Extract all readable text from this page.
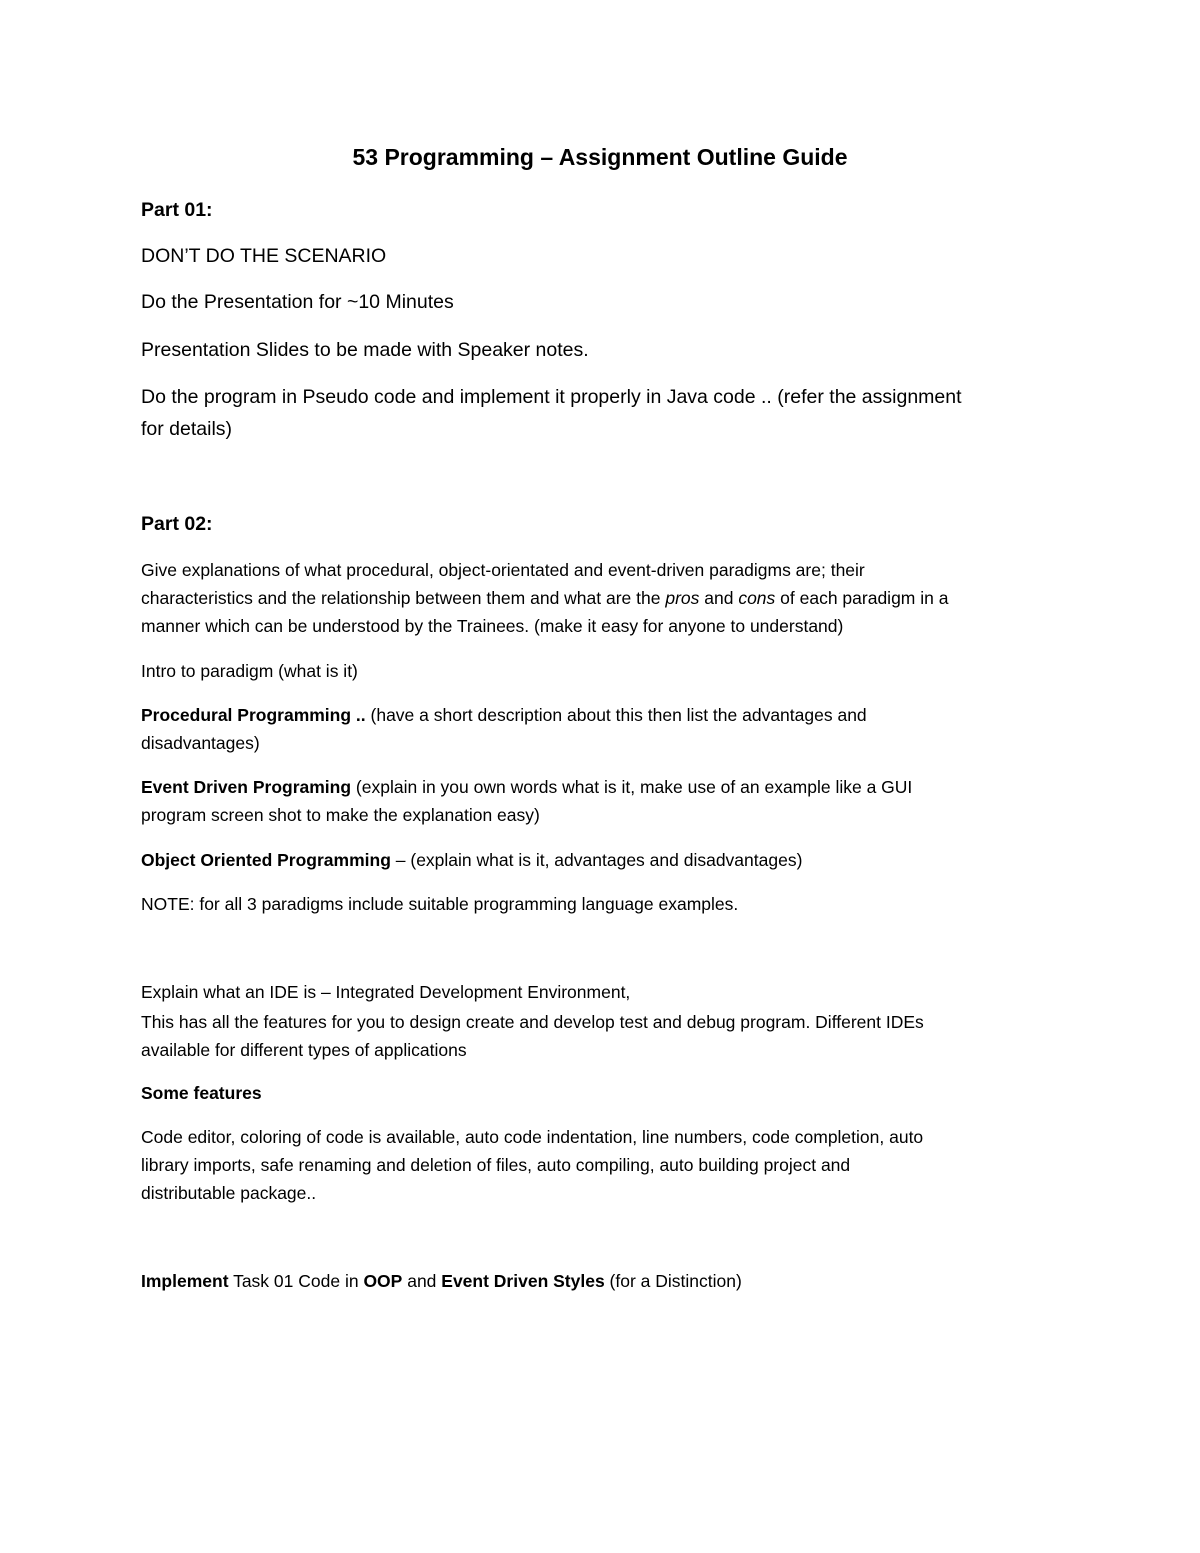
53 Programming – Assignment Outline Guide
Part 01:
DON’T DO THE SCENARIO
Do the Presentation for ~10 Minutes
Presentation Slides to be made with Speaker notes.
Do the program in Pseudo code and implement it properly in Java code .. (refer the assignment
for details)
Part 02:
Give explanations of what procedural, object-orientated and event-driven paradigms are; their
characteristics and the relationship between them and what are the pros and cons of each paradigm in a
manner which can be understood by the Trainees. (make it easy for anyone to understand)
Intro to paradigm (what is it)
Procedural Programming .. (have a short description about this then list the advantages and
disadvantages)
Event Driven Programing (explain in you own words what is it, make use of an example like a GUI
program screen shot to make the explanation easy)
Object Oriented Programming – (explain what is it, advantages and disadvantages)
NOTE: for all 3 paradigms include suitable programming language examples.
Explain what an IDE is – Integrated Development Environment,
This has all the features for you to design create and develop test and debug program. Different IDEs
available for different types of applications
Some features
Code editor, coloring of code is available, auto code indentation, line numbers, code completion, auto
library imports, safe renaming and deletion of files, auto compiling, auto building project and
distributable package..
Implement Task 01 Code in OOP and Event Driven Styles (for a Distinction)
